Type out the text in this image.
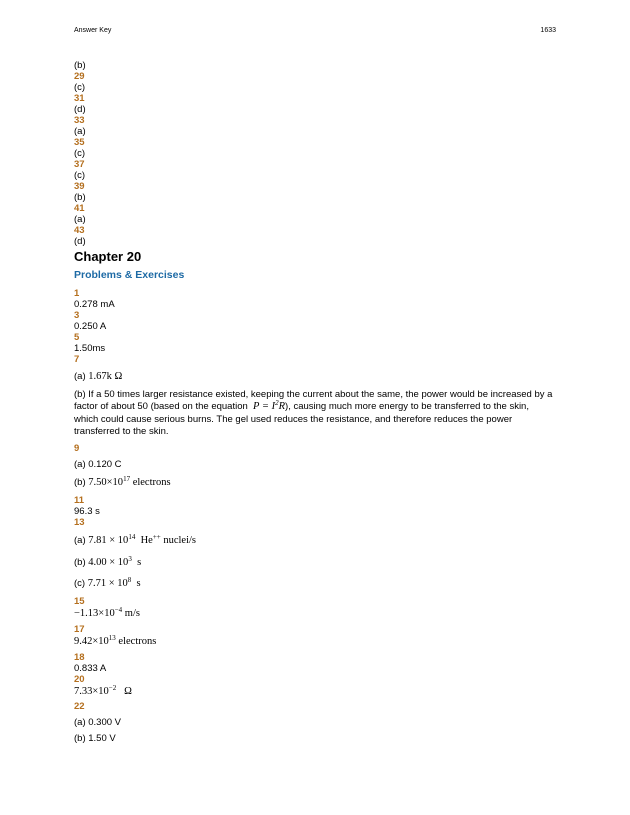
Answer Key	1633
(b)
29
(c)
31
(d)
33
(a)
35
(c)
37
(c)
39
(b)
41
(a)
43
(d)
Chapter 20
Problems & Exercises
1
0.278 mA
3
0.250 A
5
1.50ms
7
(a) 1.67k Ω
(b) If a 50 times larger resistance existed, keeping the current about the same, the power would be increased by a factor of about 50 (based on the equation $P = I^2R$), causing much more energy to be transferred to the skin, which could cause serious burns. The gel used reduces the resistance, and therefore reduces the power transferred to the skin.
9
(a) 0.120 C
(b) $7.50\times 10^{17}$ electrons
11
96.3 s
13
(a) $7.81 \times 10^{14}$ He++ nuclei/s
(b) $4.00 \times 10^3$ s
(c) $7.71 \times 10^8$ s
15
$-1.13\times 10^{-4}$ m/s
17
$9.42\times 10^{13}$ electrons
18
0.833 A
20
$7.33\times 10^{-2}$ Ω
22
(a) 0.300 V
(b) 1.50 V
